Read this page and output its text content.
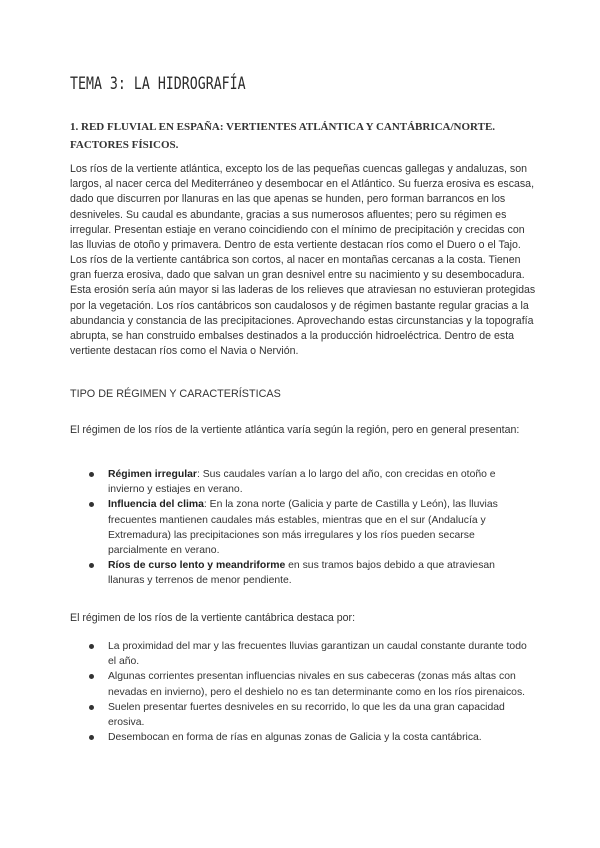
TEMA 3: LA HIDROGRAFÍA
1. RED FLUVIAL EN ESPAÑA: VERTIENTES ATLÁNTICA Y CANTÁBRICA/NORTE. FACTORES FÍSICOS.

Los ríos de la vertiente atlántica, excepto los de las pequeñas cuencas gallegas y andaluzas, son largos, al nacer cerca del Mediterráneo y desembocar en el Atlántico. Su fuerza erosiva es escasa, dado que discurren por llanuras en las que apenas se hunden, pero forman barrancos en los desniveles. Su caudal es abundante, gracias a sus numerosos afluentes; pero su régimen es irregular. Presentan estiaje en verano coincidiendo con el mínimo de precipitación y crecidas con las lluvias de otoño y primavera. Dentro de esta vertiente destacan ríos como el Duero o el Tajo.

Los ríos de la vertiente cantábrica son cortos, al nacer en montañas cercanas a la costa. Tienen gran fuerza erosiva, dado que salvan un gran desnivel entre su nacimiento y su desembocadura. Esta erosión sería aún mayor si las laderas de los relieves que atraviesan no estuvieran protegidas por la vegetación. Los ríos cantábricos son caudalosos y de régimen bastante regular gracias a la abundancia y constancia de las precipitaciones. Aprovechando estas circunstancias y la topografía abrupta, se han construido embalses destinados a la producción hidroeléctrica. Dentro de esta vertiente destacan ríos como el Navia o Nervión.

TIPO DE RÉGIMEN Y CARACTERÍSTICAS

El régimen de los ríos de la vertiente atlántica varía según la región, pero en general presentan:

Régimen irregular: Sus caudales varían a lo largo del año, con crecidas en otoño e invierno y estiajes en verano.
Influencia del clima: En la zona norte (Galicia y parte de Castilla y León), las lluvias frecuentes mantienen caudales más estables, mientras que en el sur (Andalucía y Extremadura) las precipitaciones son más irregulares y los ríos pueden secarse parcialmente en verano.
Ríos de curso lento y meandriforme en sus tramos bajos debido a que atraviesan llanuras y terrenos de menor pendiente.

El régimen de los ríos de la vertiente cantábrica destaca por:

La proximidad del mar y las frecuentes lluvias garantizan un caudal constante durante todo el año.
Algunas corrientes presentan influencias nivales en sus cabeceras (zonas más altas con nevadas en invierno), pero el deshielo no es tan determinante como en los ríos pirenaicos.
Suelen presentar fuertes desniveles en su recorrido, lo que les da una gran capacidad erosiva.
Desembocan en forma de rías en algunas zonas de Galicia y la costa cantábrica.
